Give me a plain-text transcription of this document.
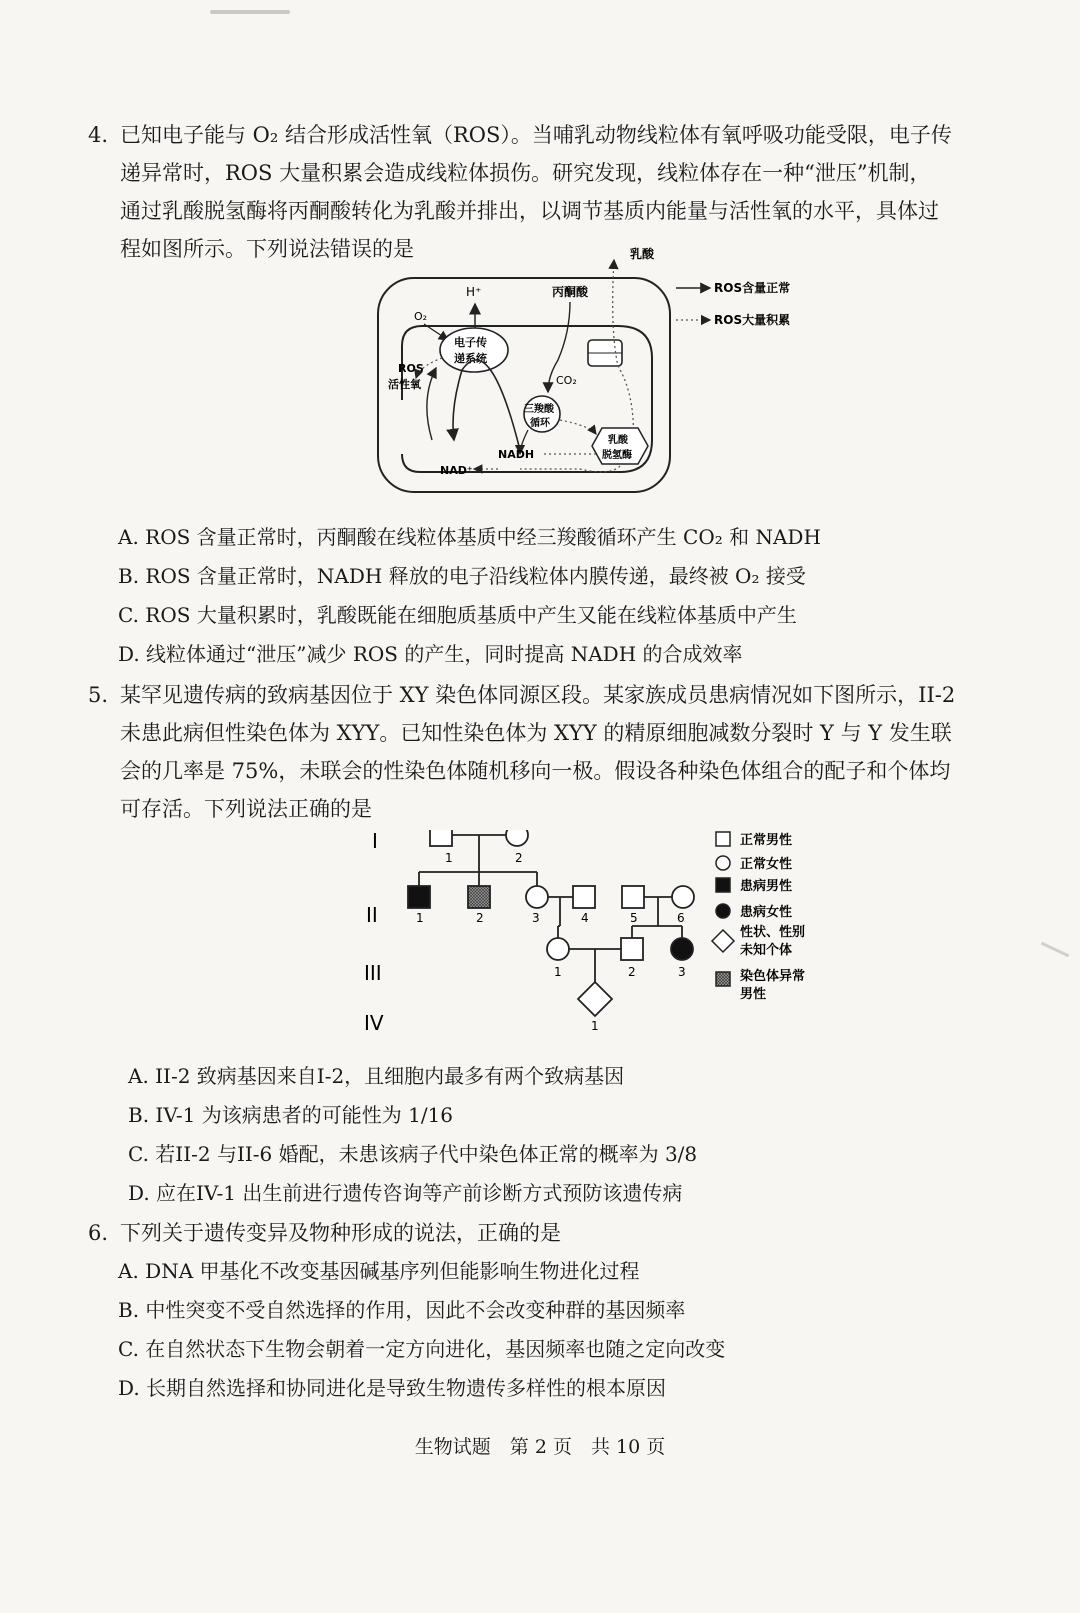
4. 已知电子能与 O₂ 结合形成活性氧（ROS）。当哺乳动物线粒体有氧呼吸功能受限，电子传
递异常时，ROS 大量积累会造成线粒体损伤。研究发现，线粒体存在一种“泄压”机制，
通过乳酸脱氢酶将丙酮酸转化为乳酸并排出，以调节基质内能量与活性氧的水平，具体过
程如图所示。下列说法错误的是	乳酸
H⁺	丙酮酸
O₂
电子传
递系统
ROS
活性氧	CO₂
三羧酸
循环
乳酸
脱氢酶
NADH
NAD⁺
ROS含量正常
ROS大量积累
A. ROS 含量正常时，丙酮酸在线粒体基质中经三羧酸循环产生 CO₂ 和 NADH
B. ROS 含量正常时，NADH 释放的电子沿线粒体内膜传递，最终被 O₂ 接受
C. ROS 大量积累时，乳酸既能在细胞质基质中产生又能在线粒体基质中产生
D. 线粒体通过“泄压”减少 ROS 的产生，同时提高 NADH 的合成效率
5. 某罕见遗传病的致病基因位于 XY 染色体同源区段。某家族成员患病情况如下图所示，II-2
未患此病但性染色体为 XYY。已知性染色体为 XYY 的精原细胞减数分裂时 Y 与 Y 发生联
会的几率是 75%，未联会的性染色体随机移向一极。假设各种染色体组合的配子和个体均
可存活。下列说法正确的是
I
II
III
IV
1	2
1	2	3	4	5	6
1	2	3
1
正常男性
正常女性
患病男性
患病女性
性状、性别
未知个体
染色体异常
男性
A. II-2 致病基因来自I-2，且细胞内最多有两个致病基因
B. IV-1 为该病患者的可能性为 1/16
C. 若II-2 与II-6 婚配，未患该病子代中染色体正常的概率为 3/8
D. 应在IV-1 出生前进行遗传咨询等产前诊断方式预防该遗传病
6. 下列关于遗传变异及物种形成的说法，正确的是
A. DNA 甲基化不改变基因碱基序列但能影响生物进化过程
B. 中性突变不受自然选择的作用，因此不会改变种群的基因频率
C. 在自然状态下生物会朝着一定方向进化，基因频率也随之定向改变
D. 长期自然选择和协同进化是导致生物遗传多样性的根本原因
生物试题　第 2 页　共 10 页
